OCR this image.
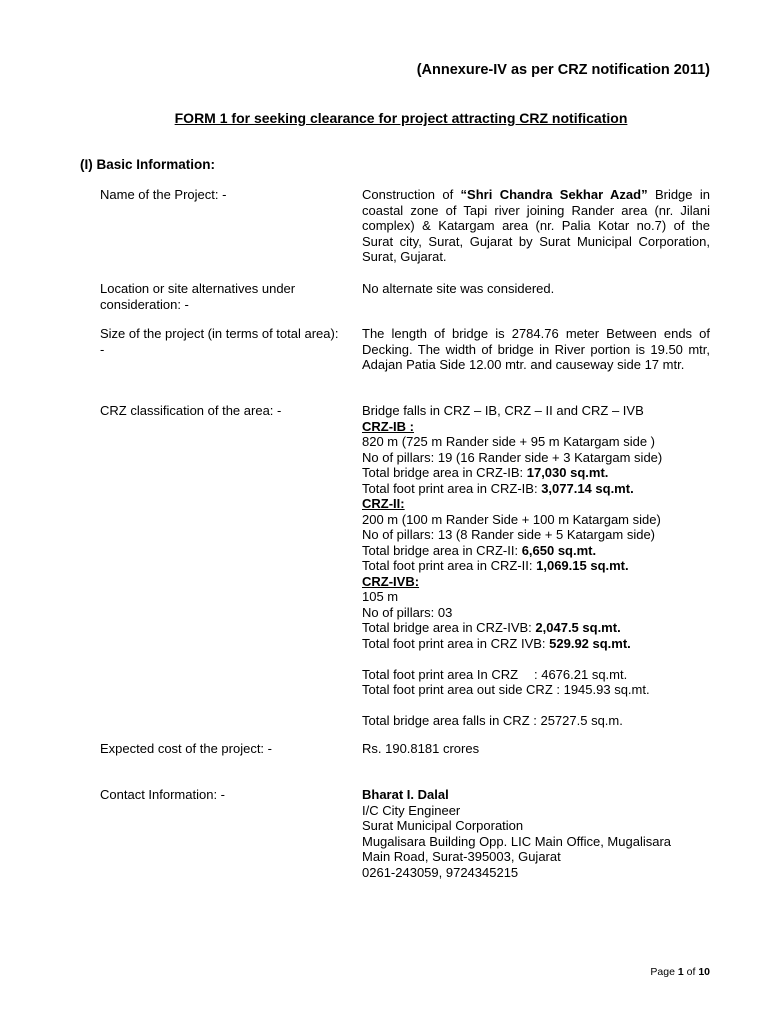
(Annexure-IV as per CRZ notification 2011)
FORM 1 for seeking clearance for project attracting CRZ notification
(I) Basic Information:
Name of the Project: -	Construction of “Shri Chandra Sekhar Azad” Bridge in coastal zone of Tapi river joining Rander area (nr. Jilani complex) & Katargam area (nr. Palia Kotar no.7) of the Surat city, Surat, Gujarat by Surat Municipal Corporation, Surat, Gujarat.
Location or site alternatives under consideration: -
No alternate site was considered.
Size of the project (in terms of total area): -
The length of bridge is 2784.76 meter Between ends of Decking. The width of bridge in River portion is 19.50 mtr, Adajan Patia Side 12.00 mtr. and causeway side 17 mtr.
CRZ classification of the area: -	Bridge falls in CRZ – IB, CRZ – II and CRZ – IVB
CRZ-IB :
820 m (725 m Rander side + 95 m Katargam side )
No of pillars: 19 (16 Rander side + 3 Katargam side)
Total bridge area in CRZ-IB: 17,030 sq.mt.
Total foot print area in CRZ-IB: 3,077.14 sq.mt.
CRZ-II:
200 m (100 m Rander Side + 100 m Katargam side)
No of pillars: 13 (8 Rander side + 5 Katargam side)
Total bridge area in CRZ-II: 6,650 sq.mt.
Total foot print area in CRZ-II: 1,069.15 sq.mt.
CRZ-IVB:
105 m
No of pillars: 03
Total bridge area in CRZ-IVB: 2,047.5 sq.mt.
Total foot print area in CRZ IVB: 529.92 sq.mt.
Total foot print area In CRZ : 4676.21 sq.mt.
Total foot print area out side CRZ : 1945.93 sq.mt.
Total bridge area falls in CRZ : 25727.5 sq.m.
Expected cost of the project: -	Rs. 190.8181 crores
Contact Information: -	Bharat I. Dalal
I/C City Engineer
Surat Municipal Corporation
Mugalisara Building Opp. LIC Main Office, Mugalisara
Main Road, Surat-395003, Gujarat
0261-243059, 9724345215
Page 1 of 10
